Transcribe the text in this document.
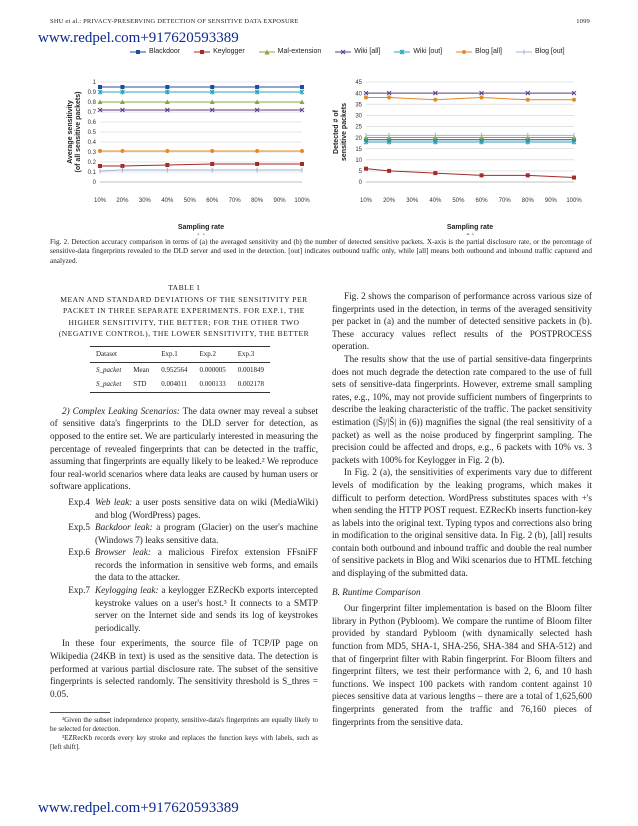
SHU et al.: PRIVACY-PRESERVING DETECTION OF SENSITIVE DATA EXPOSURE	1099
www.redpel.com+917620593389
Blackdoor	Keylogger	Mal-extension	Wiki [all]	Wiki [out]	Blog [all]	Blog [out]
0
0.1
0.2
0.3
0.4
0.5
0.6
0.7
0.8
0.9
1
10% 20% 30% 40% 50% 60% 70% 80% 90% 100%
Sampling rate
Average sensitivity(of all sensitive packets)
0
5
10
15
20
25
30
35
40
45
10% 20% 30% 40% 50% 60% 70% 80% 90% 100%
Sampling rate
Detected # ofsensitive packets
Fig. 2. Detection accuracy comparison in terms of (a) the averaged sensitivity and (b) the number of detected sensitive packets. X-axis is the partial disclosure rate, or the percentage of sensitive-data fingerprints revealed to the DLD server and used in the detection. [out] indicates outbound traffic only, while [all] means both outbound and inbound traffic captured and analyzed.
TABLE I
MEAN AND STANDARD DEVIATIONS OF THE SENSITIVITY PER PACKET IN THREE SEPARATE EXPERIMENTS. FOR EXP.1, THE HIGHER SENSITIVITY, THE BETTER; FOR THE OTHER TWO (NEGATIVE CONTROL), THE LOWER SENSITIVITY, THE BETTER
Dataset		Exp.1	Exp.2	Exp.3
S_packet	Mean	0.952564	0.000005	0.001849
S_packet	STD	0.004011	0.000133	0.002178

2) Complex Leaking Scenarios: The data owner may reveal a subset of sensitive data's fingerprints to the DLD server for detection, as opposed to the entire set. We are particularly interested in measuring the percentage of revealed fingerprints that can be detected in the traffic, assuming that fingerprints are equally likely to be leaked.² We reproduce four real-world scenarios where data leaks are caused by human users or software applications.

Exp.4 Web leak: a user posts sensitive data on wiki (MediaWiki) and blog (WordPress) pages.
Exp.5 Backdoor leak: a program (Glacier) on the user's machine (Windows 7) leaks sensitive data.
Exp.6 Browser leak: a malicious Firefox extension FFsniFF records the information in sensitive web forms, and emails the data to the attacker.
Exp.7 Keylogging leak: a keylogger EZRecKb exports intercepted keystroke values on a user's host.³ It connects to a SMTP server on the Internet side and sends its log of keystrokes periodically.

In these four experiments, the source file of TCP/IP page on Wikipedia (24KB in text) is used as the sensitive data. The detection is performed at various partial disclosure rate. The subset of the sensitive fingerprints is selected randomly. The sensitivity threshold is S_thres = 0.05.

²Given the subset independence property, sensitive-data's fingerprints are equally likely to be selected for detection.

³EZRecKb records every key stroke and replaces the function keys with labels, such as [left shift].

Fig. 2 shows the comparison of performance across various size of fingerprints used in the detection, in terms of the averaged sensitivity per packet in (a) and the number of detected sensitive packets in (b). These accuracy values reflect results of the POSTPROCESS operation.

The results show that the use of partial sensitive-data fingerprints does not much degrade the detection rate compared to the use of full sets of sensitive-data fingerprints. However, extreme small sampling rates, e.g., 10%, may not provide sufficient numbers of fingerprints to describe the leaking characteristic of the traffic. The packet sensitivity estimation (|Š|/|Š| in (6)) magnifies the signal (the real sensitivity of a packet) as well as the noise produced by fingerprint sampling. The precision could be affected and drops, e.g., 6 packets with 10% vs. 3 packets with 100% for Keylogger in Fig. 2 (b).

In Fig. 2 (a), the sensitivities of experiments vary due to different levels of modification by the leaking programs, which makes it difficult to perform detection. WordPress substitutes spaces with +'s when sending the HTTP POST request. EZRecKb inserts function-key as labels into the original text. Typing typos and corrections also bring in modification to the original sensitive data. In Fig. 2 (b), [all] results contain both outbound and inbound traffic and double the real number of sensitive packets in Blog and Wiki scenarios due to HTML fetching and displaying of the submitted data.

B. Runtime Comparison

Our fingerprint filter implementation is based on the Bloom filter library in Python (Pybloom). We compare the runtime of Bloom filter provided by standard Pybloom (with dynamically selected hash function from MD5, SHA-1, SHA-256, SHA-384 and SHA-512) and that of fingerprint filter with Rabin fingerprint. For Bloom filters and fingerprint filters, we test their performance with 2, 6, and 10 hash functions. We inspect 100 packets with random content against 10 pieces sensitive data at various lengths – there are a total of 1,625,600 fingerprints generated from the traffic and 76,160 pieces of fingerprints from the sensitive data.

www.redpel.com+917620593389
